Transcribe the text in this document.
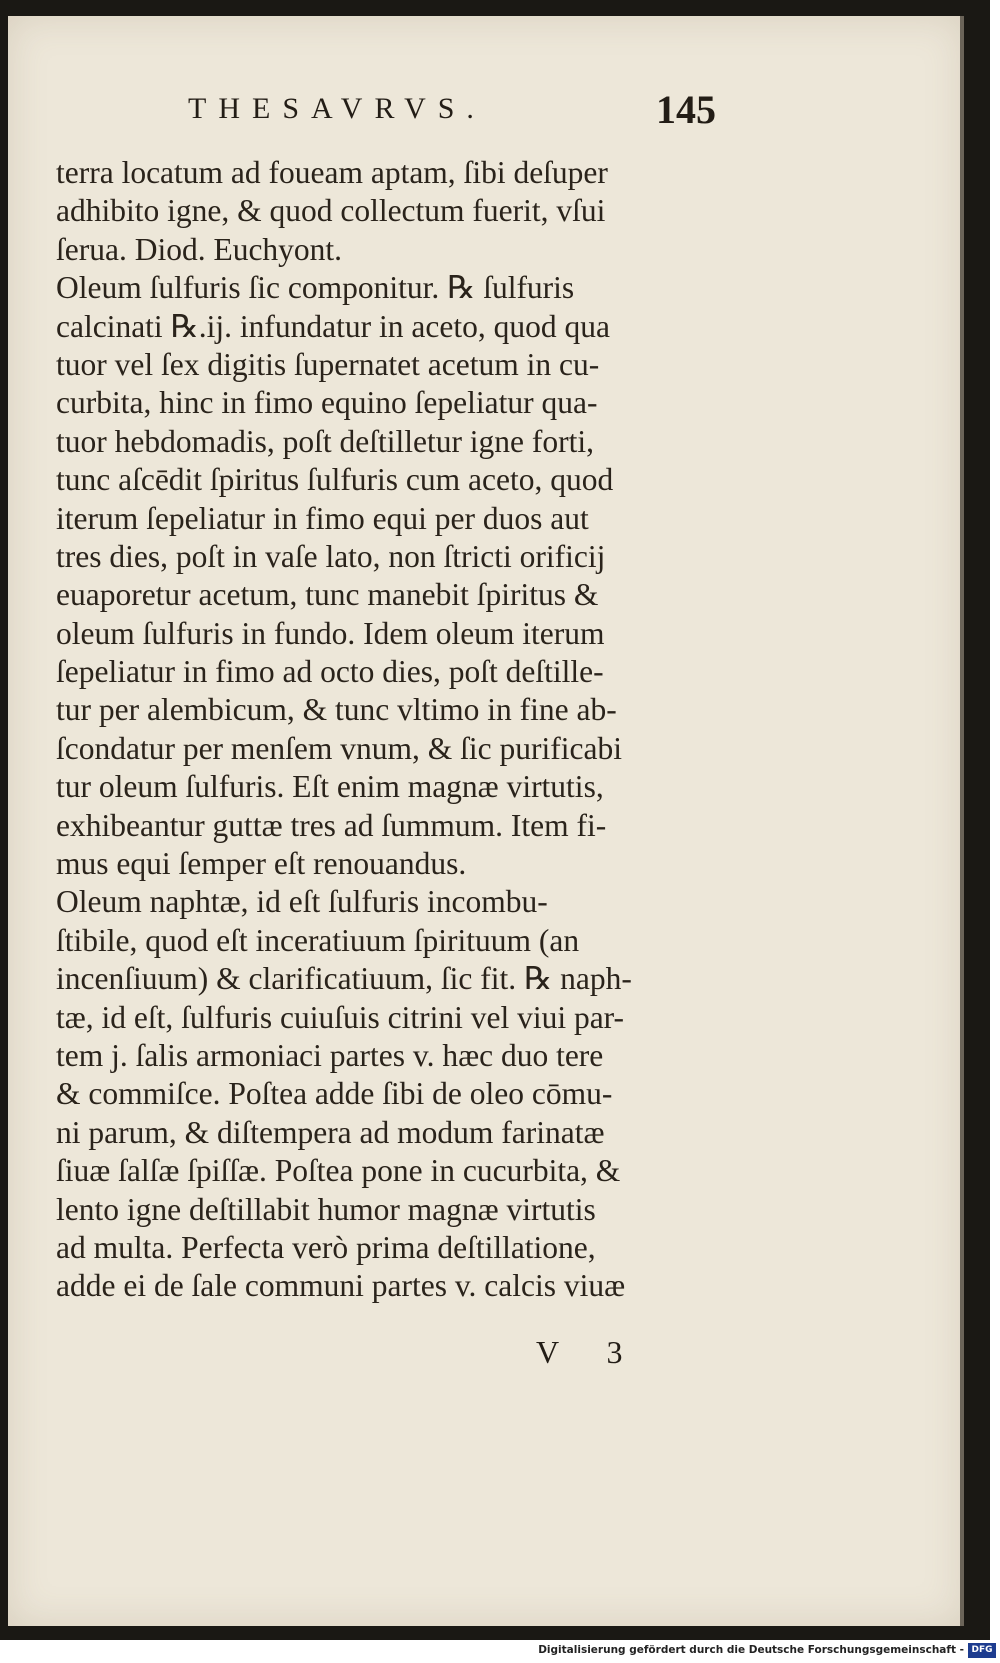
THESAVRVS.	145
terra locatum ad foueam aptam, ſibi deſuper
adhibito igne, & quod collectum fuerit, vſui
ſerua. Diod. Euchyont.
Oleum ſulfuris ſic componitur. ℞ ſulfuris
calcinati ℞.ij. infundatur in aceto, quod qua
tuor vel ſex digitis ſupernatet acetum in cu-
curbita, hinc in fimo equino ſepeliatur qua-
tuor hebdomadis, poſt deſtilletur igne forti,
tunc aſcēdit ſpiritus ſulfuris cum aceto, quod
iterum ſepeliatur in fimo equi per duos aut
tres dies, poſt in vaſe lato, non ſtricti orificij
euaporetur acetum, tunc manebit ſpiritus &
oleum ſulfuris in fundo. Idem oleum iterum
ſepeliatur in fimo ad octo dies, poſt deſtille-
tur per alembicum, & tunc vltimo in fine ab-
ſcondatur per menſem vnum, & ſic purificabi
tur oleum ſulfuris. Eſt enim magnæ virtutis,
exhibeantur guttæ tres ad ſummum. Item fi-
mus equi ſemper eſt renouandus.
Oleum naphtæ, id eſt ſulfuris incombu-
ſtibile, quod eſt inceratiuum ſpirituum (an
incenſiuum) & clarificatiuum, ſic fit. ℞ naph-
tæ, id eſt, ſulfuris cuiuſuis citrini vel viui par-
tem j. ſalis armoniaci partes v. hæc duo tere
& commiſce. Poſtea adde ſibi de oleo cōmu-
ni parum, & diſtempera ad modum farinatæ
ſiuæ ſalſæ ſpiſſæ. Poſtea pone in cucurbita, &
lento igne deſtillabit humor magnæ virtutis
ad multa. Perfecta verò prima deſtillatione,
adde ei de ſale communi partes v. calcis viuæ
V 3
Digitalisierung gefördert durch die Deutsche Forschungsgemeinschaft - DFG
